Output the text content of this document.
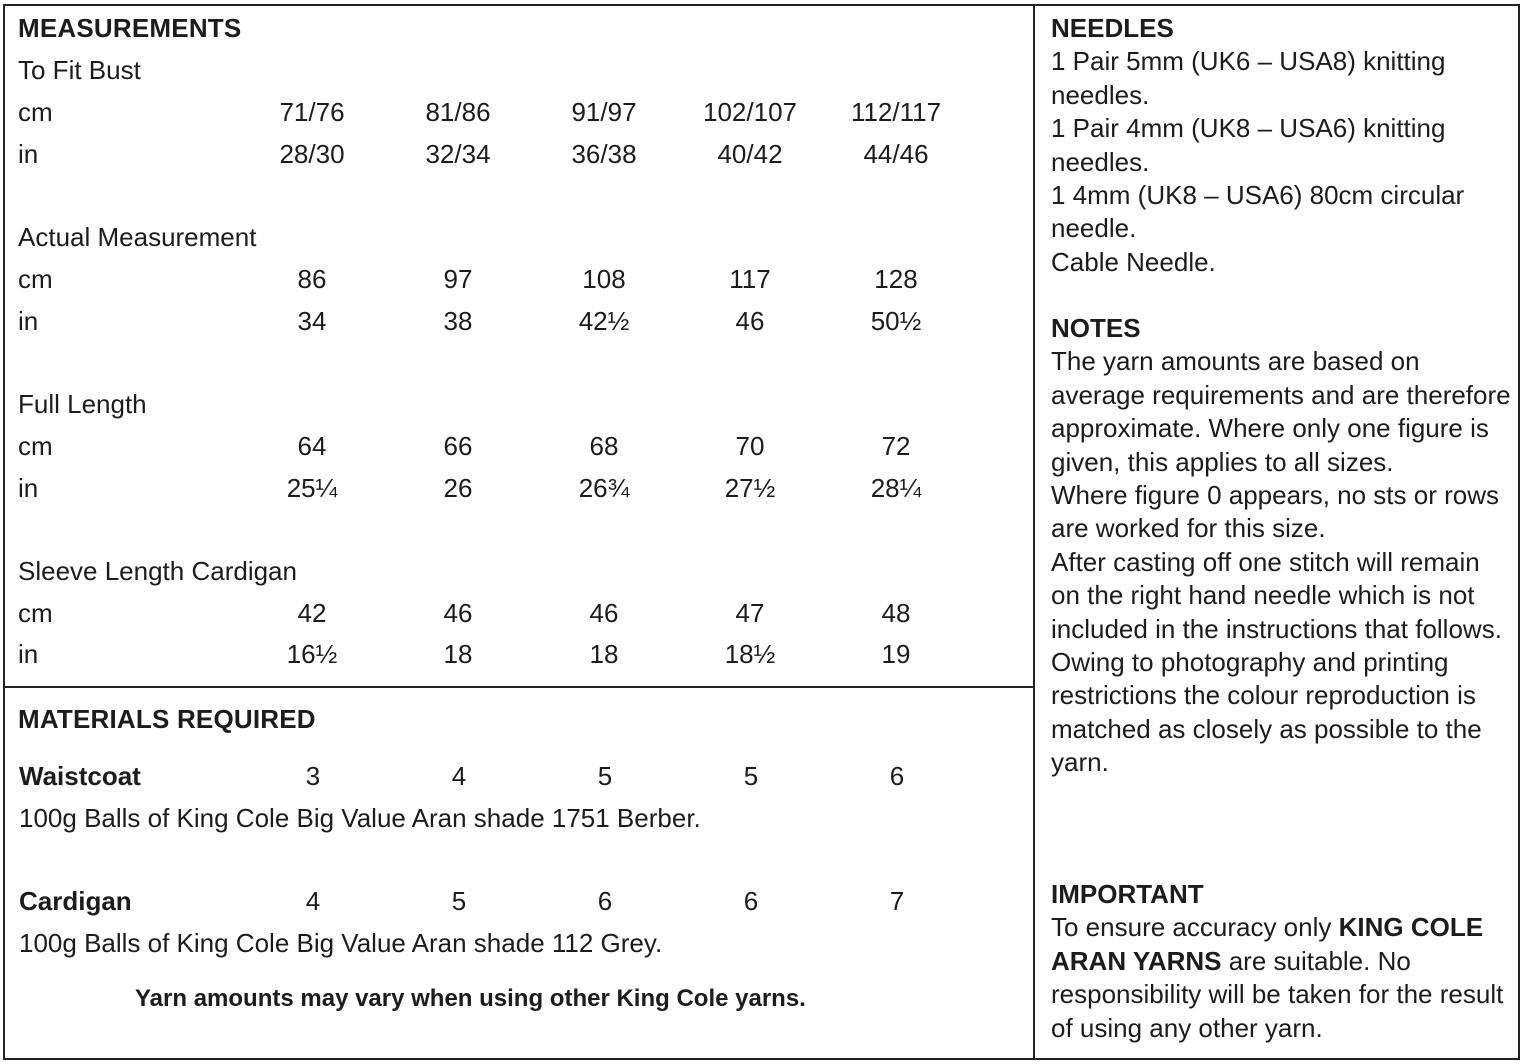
MEASUREMENTS
To Fit Bust
cm	71/76	81/86	91/97	102/107 112/117
in	28/30	32/34	36/38	40/42	44/46
Actual Measurement
cm	86	97	108	117	128
in	34	38	42½	46	50½
Full Length
cm	64	66	68	70	72
in	25¼	26	26¾	27½	28¼
Sleeve Length Cardigan
cm	42	46	46	47	48
in	16½	18	18	18½	19
MATERIALS REQUIRED
Waistcoat	3	4	5	5	6
100g Balls of King Cole Big Value Aran shade 1751 Berber.
Cardigan	4	5	6	6	7
100g Balls of King Cole Big Value Aran shade 112 Grey.
Yarn amounts may vary when using other King Cole yarns.

NEEDLES

1 Pair 5mm (UK6 – USA8) knitting needles.

1 Pair 4mm (UK8 – USA6) knitting needles.

1 4mm (UK8 – USA6) 80cm circular needle.

Cable Needle.

NOTES

The yarn amounts are based on average requirements and are therefore approximate. Where only one figure is given, this applies to all sizes.

Where figure 0 appears, no sts or rows are worked for this size.

After casting off one stitch will remain on the right hand needle which is not included in the instructions that follows.

Owing to photography and printing restrictions the colour reproduction is matched as closely as possible to the yarn.

IMPORTANT

To ensure accuracy only KING COLE ARAN YARNS are suitable. No responsibility will be taken for the result of using any other yarn.
